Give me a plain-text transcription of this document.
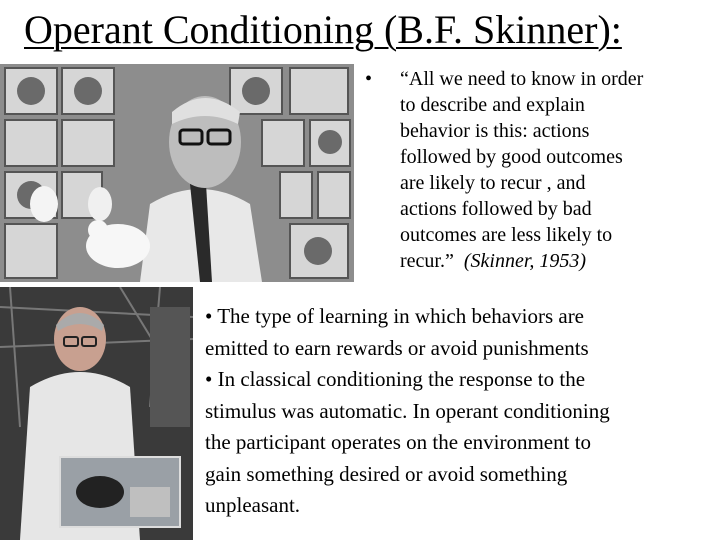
Operant Conditioning (B.F. Skinner):
•	“All we need to know in order
to describe and explain
behavior is this: actions
followed by good outcomes
are likely to recur , and
actions followed by bad
outcomes are less likely to
recur.” (Skinner, 1953)

• The type of learning in which behaviors are

emitted to earn rewards or avoid punishments

• In classical conditioning the response to the

stimulus was automatic. In operant conditioning

the participant operates on the environment to

gain something desired or avoid something

unpleasant.
